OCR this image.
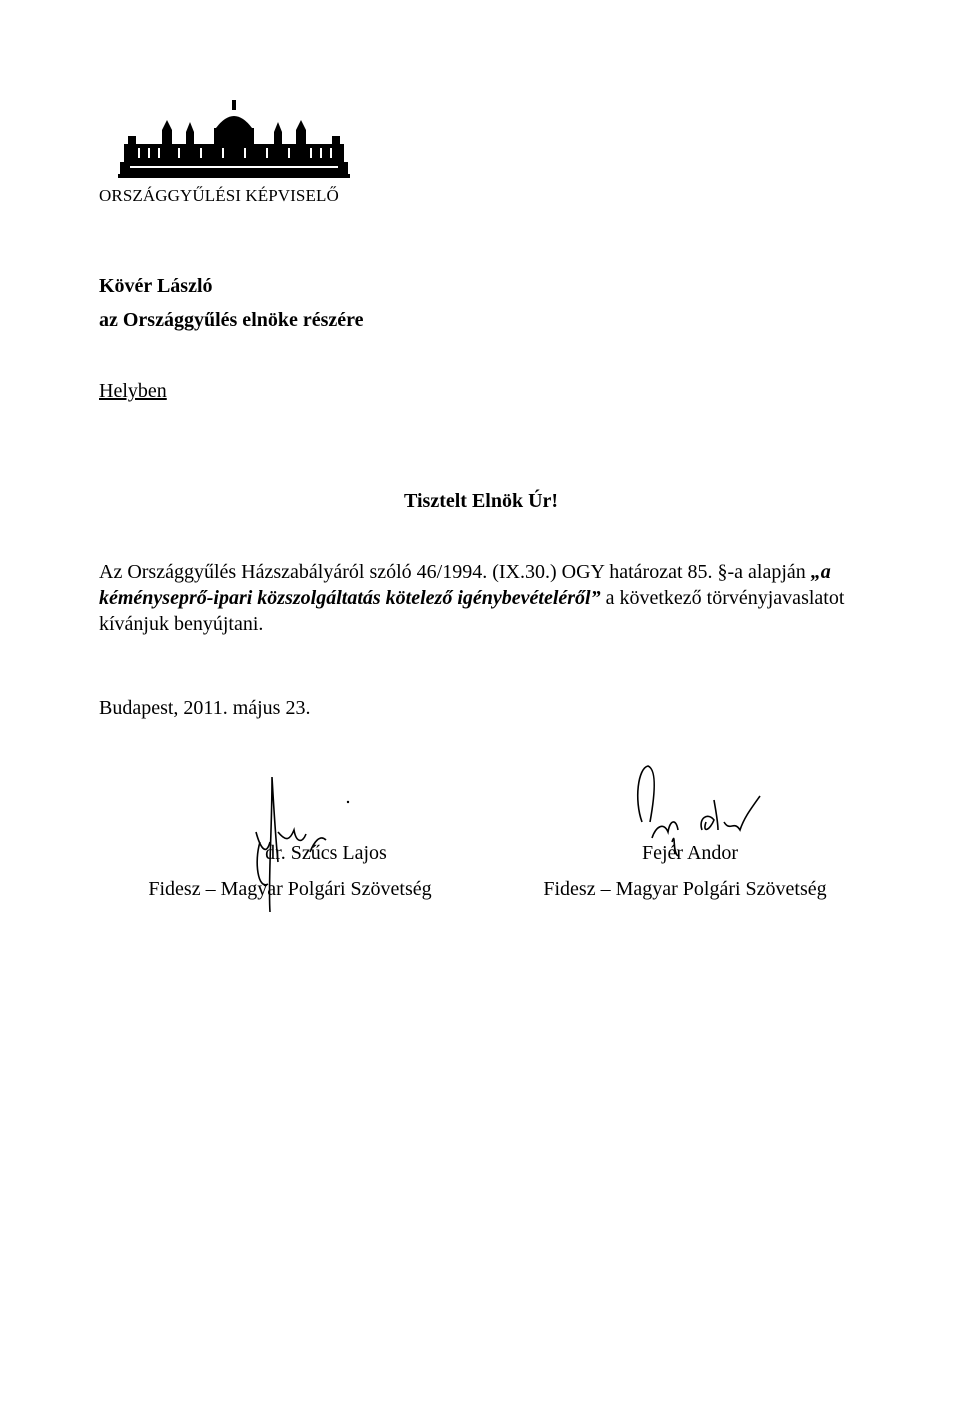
ORSZÁGGYŰLÉSI KÉPVISELŐ
Kövér László
az Országgyűlés elnöke részére
Helyben
Tisztelt Elnök Úr!
Az Országgyűlés Házszabályáról szóló 46/1994. (IX.30.) OGY határozat 85. §-a alapján „a kéményseprő-ipari közszolgáltatás kötelező igénybevételéről” a következő törvényjavaslatot kívánjuk benyújtani.
Budapest, 2011. május 23.
dr. Szűcs Lajos	Fejér Andor
Fidesz – Magyar Polgári Szövetség	Fidesz – Magyar Polgári Szövetség
